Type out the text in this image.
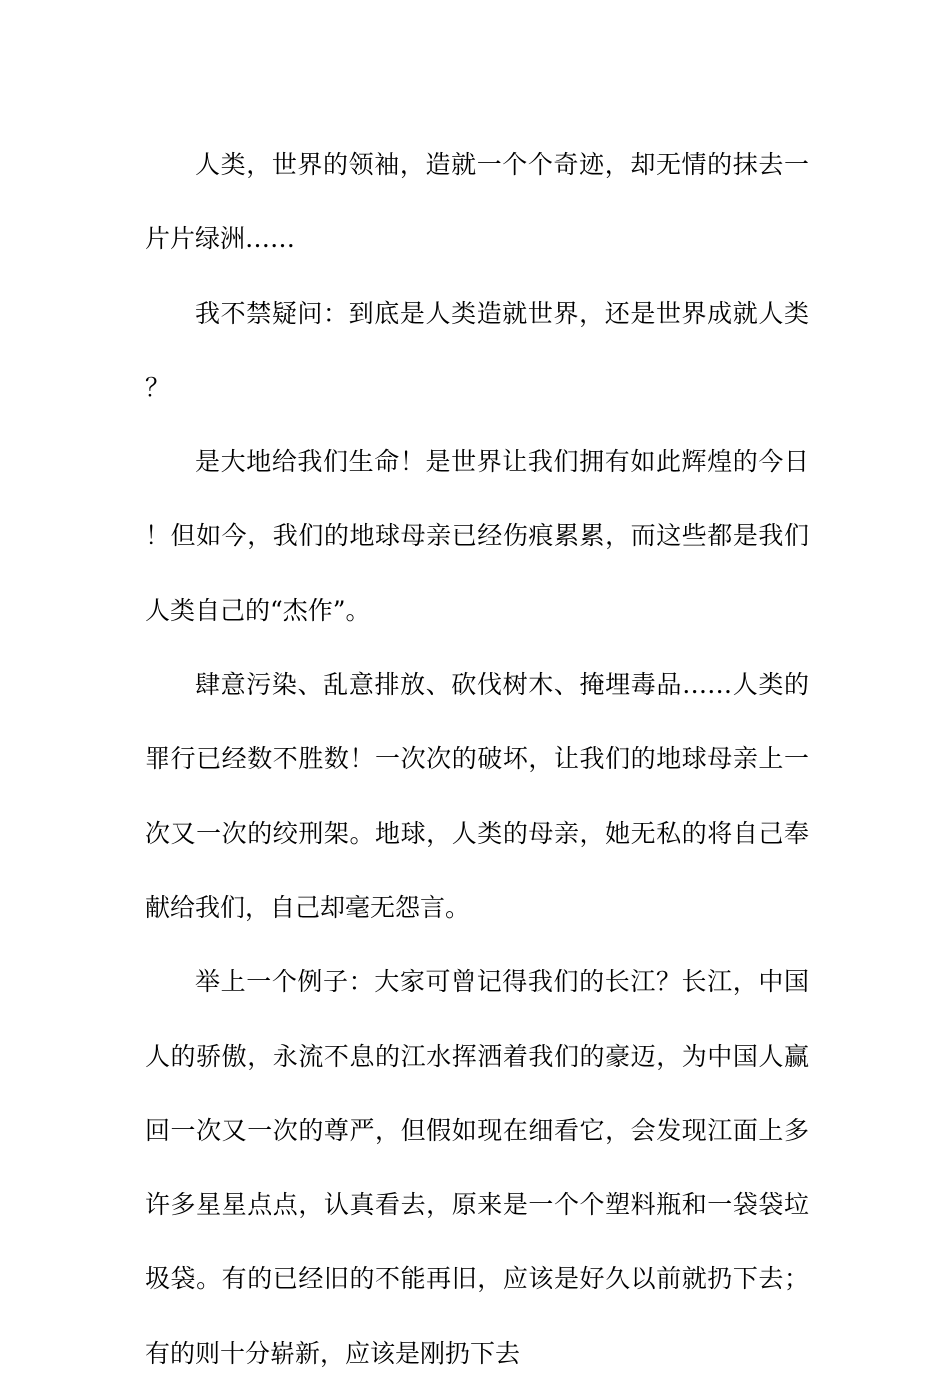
人类，世界的领袖，造就一个个奇迹，却无情的抹去一片片绿洲……

我不禁疑问：到底是人类造就世界，还是世界成就人类？

是大地给我们生命！是世界让我们拥有如此辉煌的今日！但如今，我们的地球母亲已经伤痕累累，而这些都是我们人类自己的“杰作”。

肆意污染、乱意排放、砍伐树木、掩埋毒品……人类的罪行已经数不胜数！一次次的破坏，让我们的地球母亲上一次又一次的绞刑架。地球，人类的母亲，她无私的将自己奉献给我们，自己却毫无怨言。

举上一个例子：大家可曾记得我们的长江？长江，中国人的骄傲，永流不息的江水挥洒着我们的豪迈，为中国人赢回一次又一次的尊严，但假如现在细看它，会发现江面上多许多星星点点，认真看去，原来是一个个塑料瓶和一袋袋垃圾袋。有的已经旧的不能再旧，应该是好久以前就扔下去；有的则十分崭新，应该是刚扔下去
